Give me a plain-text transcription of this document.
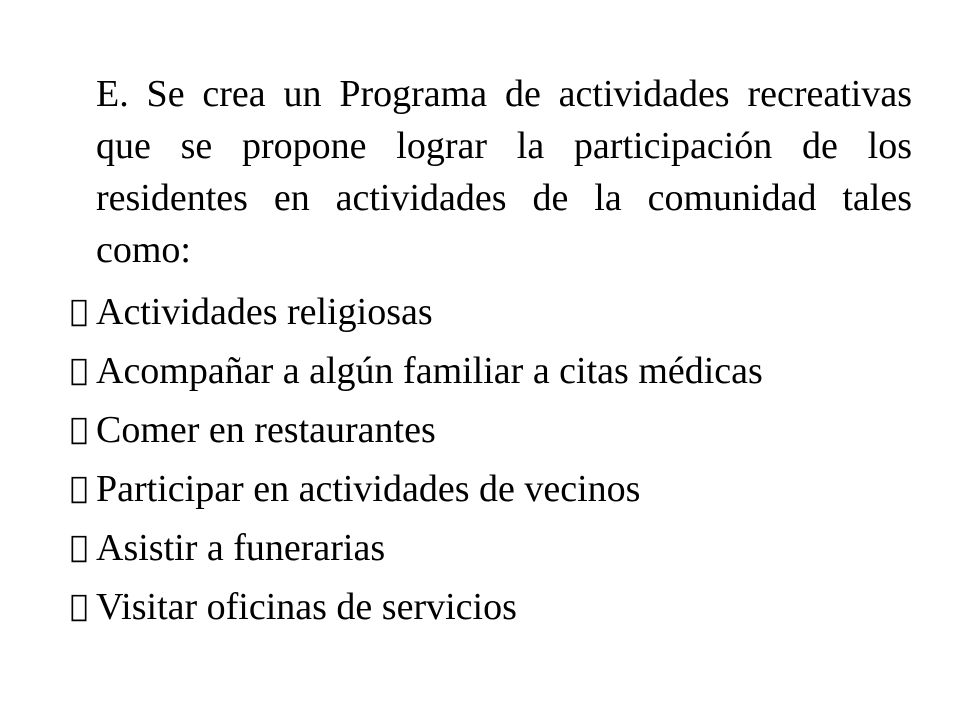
E. Se crea un Programa de actividades recreativas que se propone lograr la participación de los residentes en actividades de la comunidad tales como:

Actividades religiosas
Acompañar a algún familiar a citas médicas
Comer en restaurantes
Participar en actividades de vecinos
Asistir a funerarias
Visitar oficinas de servicios
